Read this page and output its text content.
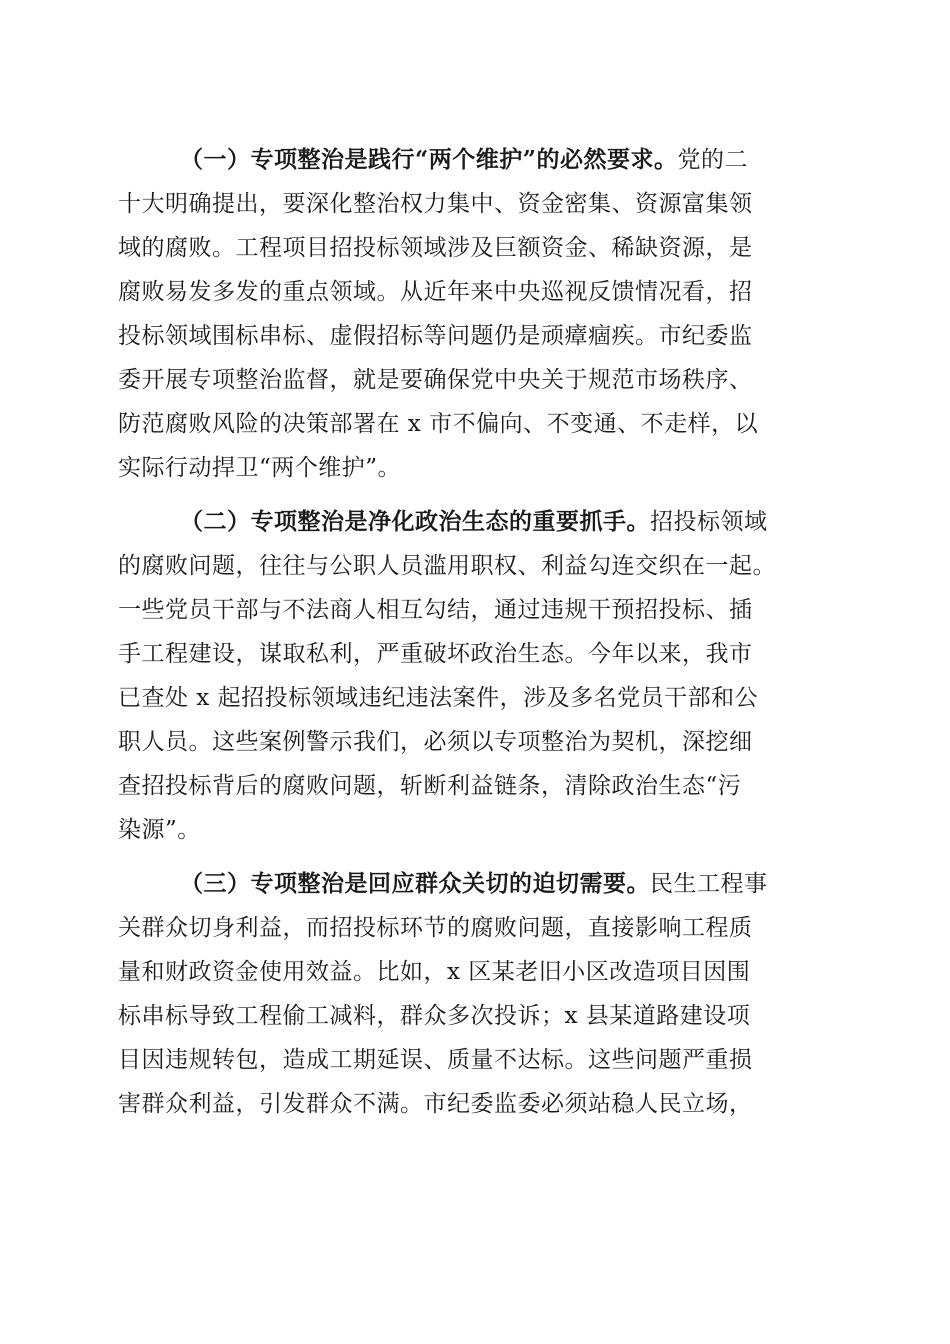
（一）专项整治是践行“两个维护”的必然要求。党的二
十大明确提出，要深化整治权力集中、资金密集、资源富集领
域的腐败。工程项目招投标领域涉及巨额资金、稀缺资源，是
腐败易发多发的重点领域。从近年来中央巡视反馈情况看，招
投标领域围标串标、虚假招标等问题仍是顽瘴痼疾。市纪委监
委开展专项整治监督，就是要确保党中央关于规范市场秩序、
防范腐败风险的决策部署在 x 市不偏向、不变通、不走样，以
实际行动捍卫“两个维护”。
（二）专项整治是净化政治生态的重要抓手。招投标领域
的腐败问题，往往与公职人员滥用职权、利益勾连交织在一起。
一些党员干部与不法商人相互勾结，通过违规干预招投标、插
手工程建设，谋取私利，严重破坏政治生态。今年以来，我市
已查处 x 起招投标领域违纪违法案件，涉及多名党员干部和公
职人员。这些案例警示我们，必须以专项整治为契机，深挖细
查招投标背后的腐败问题，斩断利益链条，清除政治生态“污
染源”。
（三）专项整治是回应群众关切的迫切需要。民生工程事
关群众切身利益，而招投标环节的腐败问题，直接影响工程质
量和财政资金使用效益。比如，x 区某老旧小区改造项目因围
标串标导致工程偷工减料，群众多次投诉；x 县某道路建设项
目因违规转包，造成工期延误、质量不达标。这些问题严重损
害群众利益，引发群众不满。市纪委监委必须站稳人民立场，
